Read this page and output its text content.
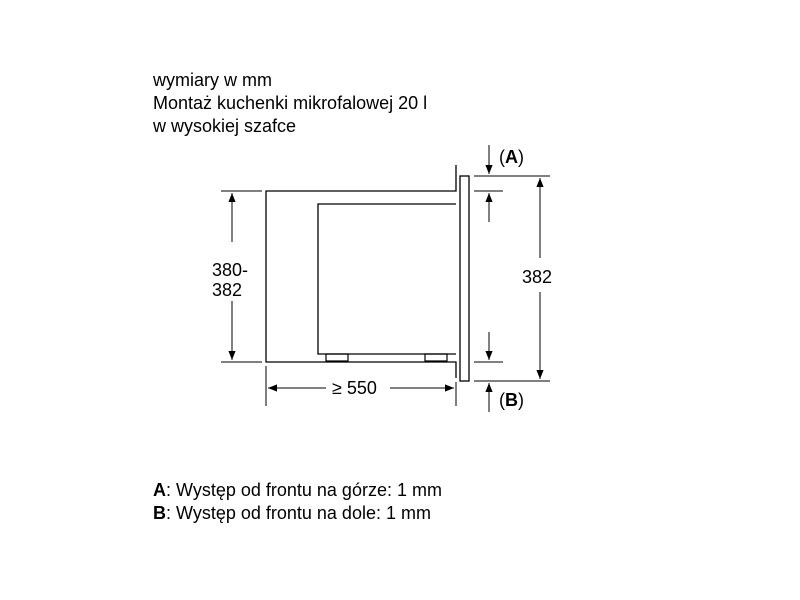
wymiary w mm
Montaż kuchenki mikrofalowej 20 l
w wysokiej szafce
380-
382
≥ 550
382
(A)
(B)
A: Występ od frontu na górze: 1 mm
B: Występ od frontu na dole: 1 mm
